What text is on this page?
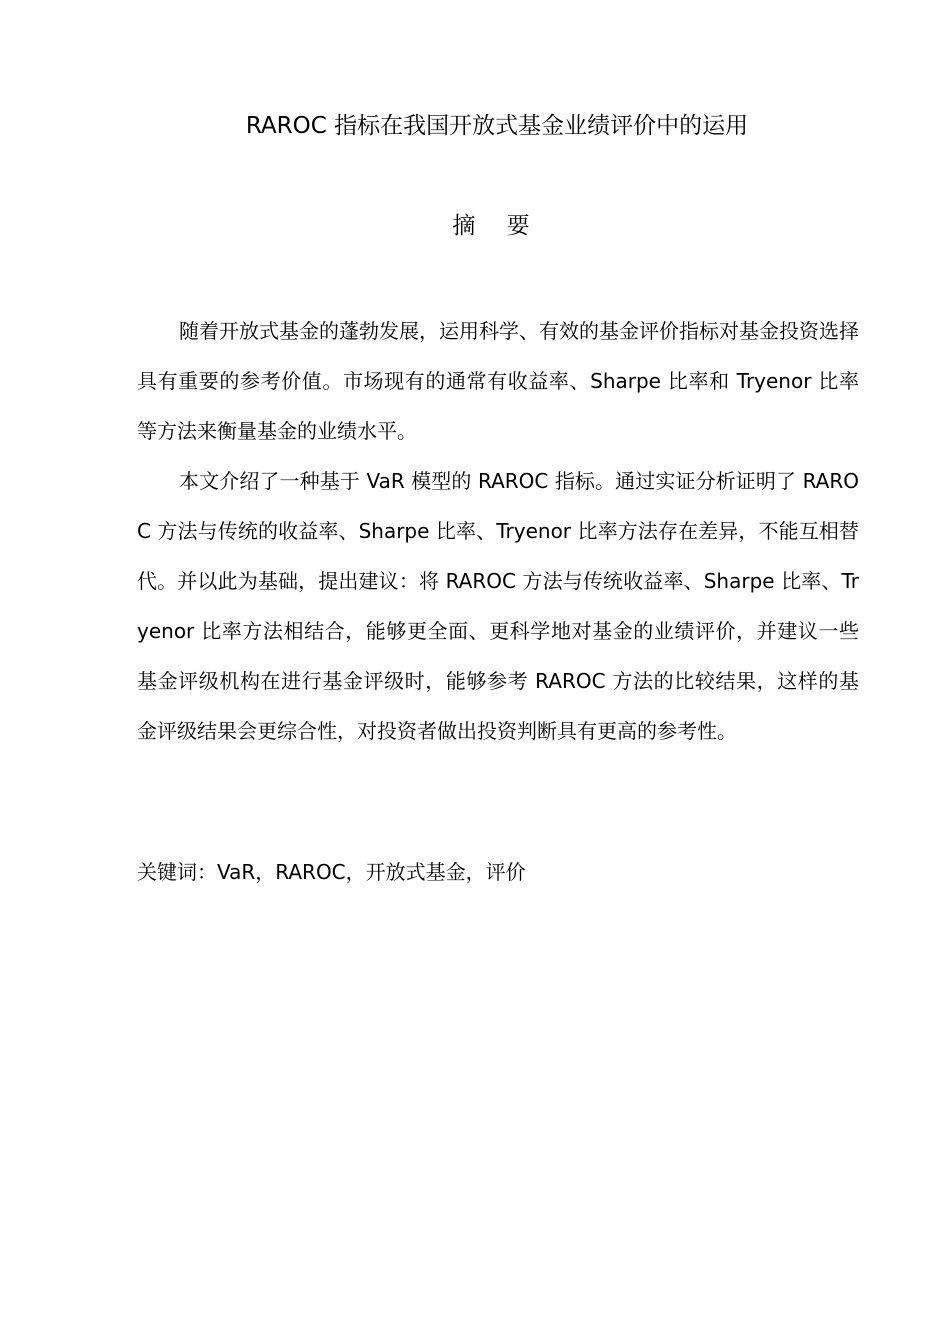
RAROC 指标在我国开放式基金业绩评价中的运用
摘 要

随着开放式基金的蓬勃发展，运用科学、有效的基金评价指标对基金投资选择具有重要的参考价值。市场现有的通常有收益率、Sharpe 比率和 Tryenor 比率等方法来衡量基金的业绩水平。

本文介绍了一种基于 VaR 模型的 RAROC 指标。通过实证分析证明了 RAROC 方法与传统的收益率、Sharpe 比率、Tryenor 比率方法存在差异，不能互相替代。并以此为基础，提出建议：将 RAROC 方法与传统收益率、Sharpe 比率、Tryenor 比率方法相结合，能够更全面、更科学地对基金的业绩评价，并建议一些基金评级机构在进行基金评级时，能够参考 RAROC 方法的比较结果，这样的基金评级结果会更综合性，对投资者做出投资判断具有更高的参考性。

关键词：VaR，RAROC，开放式基金，评价
